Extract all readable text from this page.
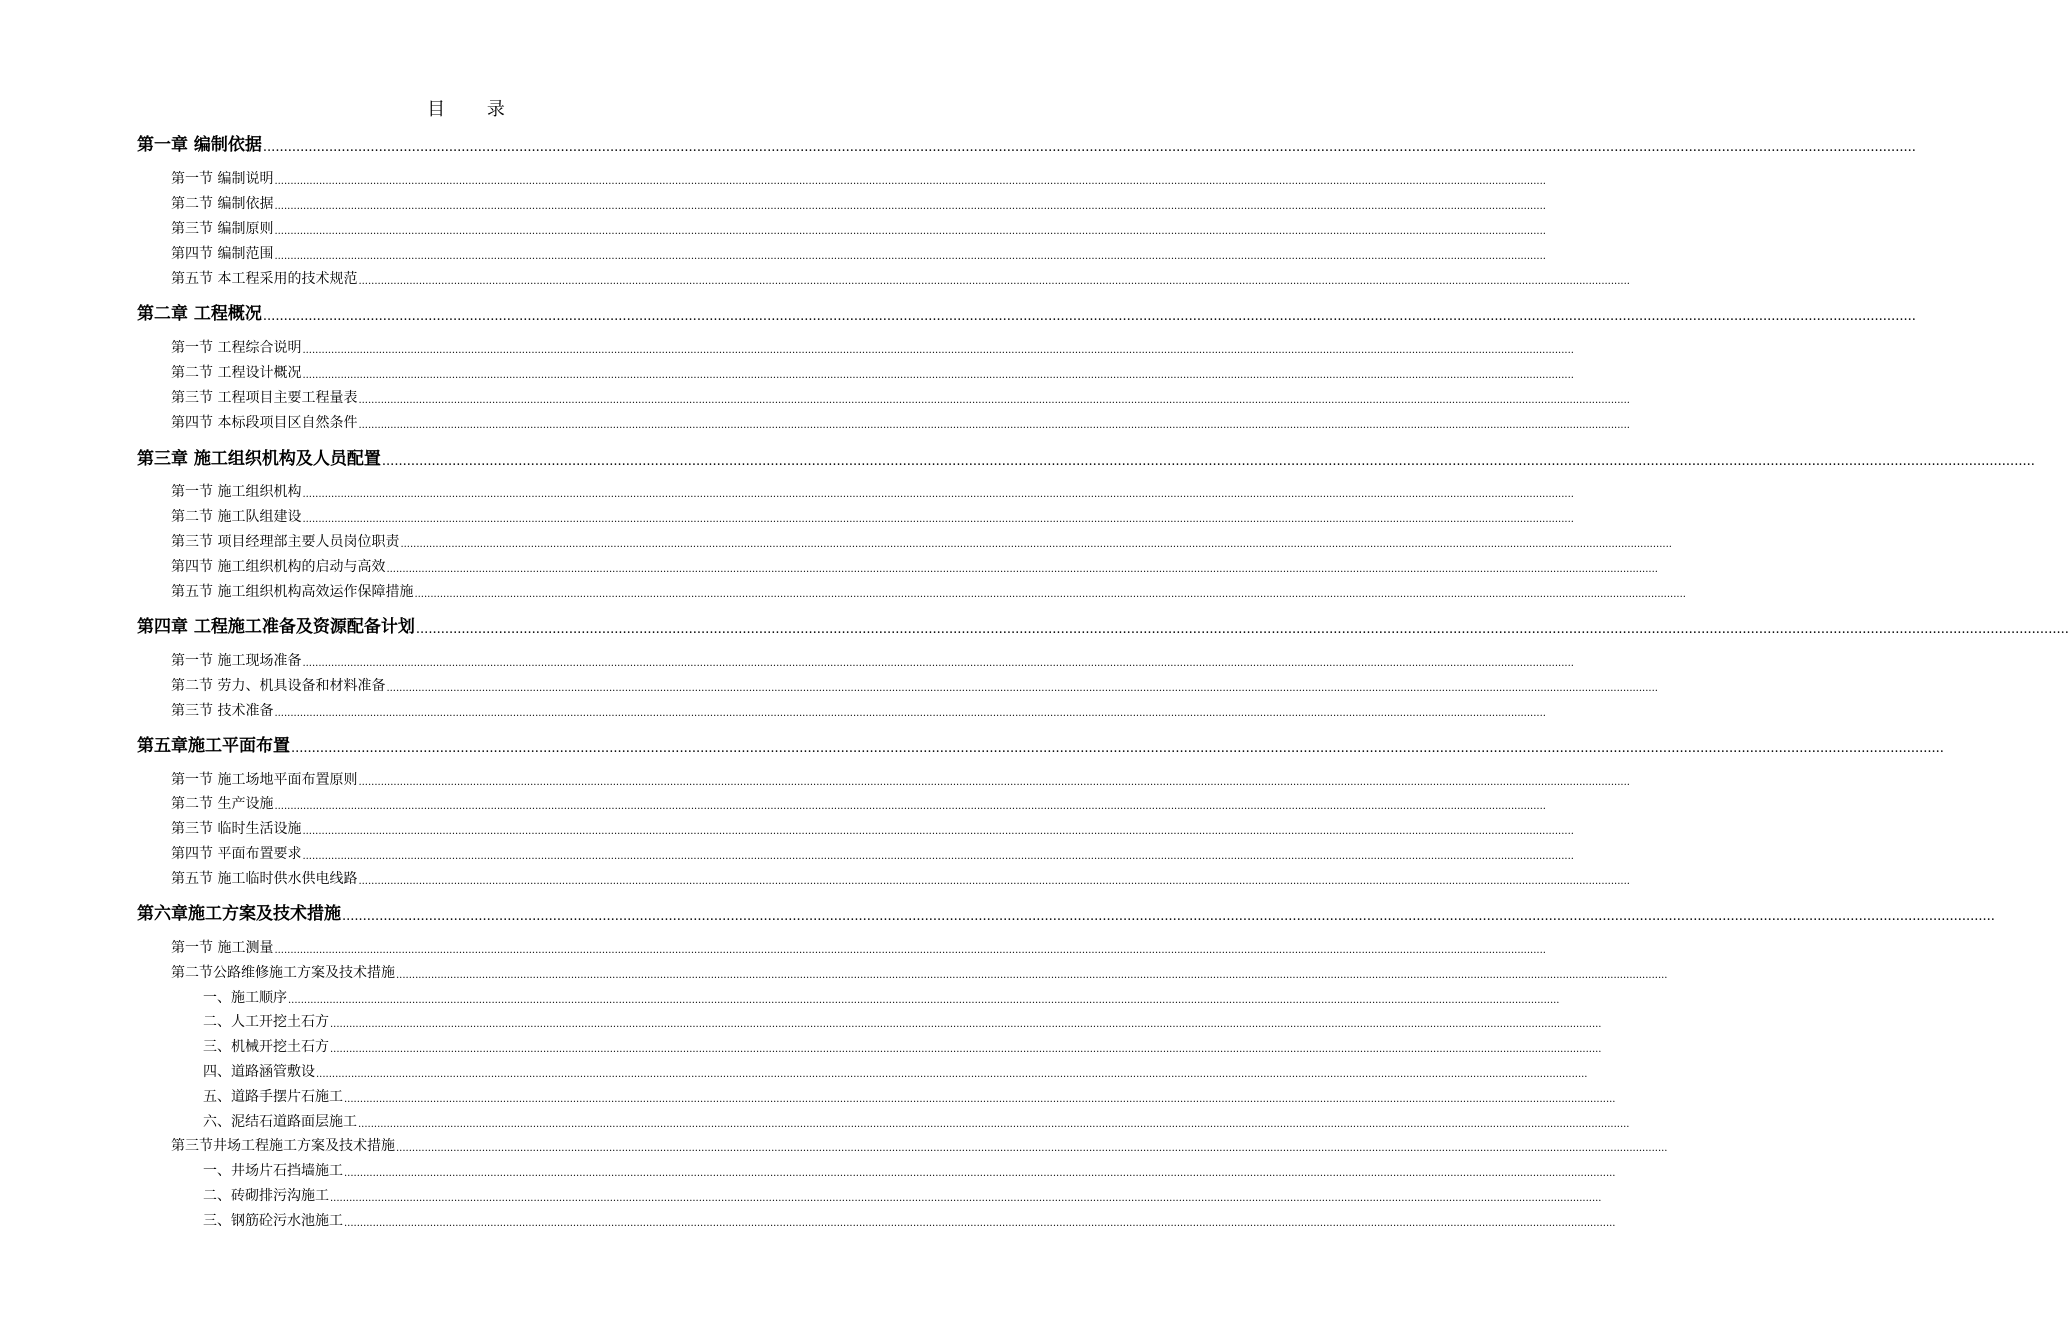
目 录
第一章 编制依据 ................................................................................................................................................................................................................................................................................................................................................................................................................
第一节 编制说明 ................................................................................................................................................................................................................................................................................................................................................................................................................
第二节 编制依据 ................................................................................................................................................................................................................................................................................................................................................................................................................
第三节 编制原则 ................................................................................................................................................................................................................................................................................................................................................................................................................
第四节 编制范围 ................................................................................................................................................................................................................................................................................................................................................................................................................
第五节 本工程采用的技术规范 ................................................................................................................................................................................................................................................................................................................................................................................................................
第二章 工程概况 ................................................................................................................................................................................................................................................................................................................................................................................................................
第一节 工程综合说明 ................................................................................................................................................................................................................................................................................................................................................................................................................
第二节 工程设计概况 ................................................................................................................................................................................................................................................................................................................................................................................................................
第三节 工程项目主要工程量表 ................................................................................................................................................................................................................................................................................................................................................................................................................
第四节 本标段项目区自然条件 ................................................................................................................................................................................................................................................................................................................................................................................................................
第三章 施工组织机构及人员配置 ................................................................................................................................................................................................................................................................................................................................................................................................................
第一节 施工组织机构 ................................................................................................................................................................................................................................................................................................................................................................................................................
第二节 施工队组建设 ................................................................................................................................................................................................................................................................................................................................................................................................................
第三节 项目经理部主要人员岗位职责 ................................................................................................................................................................................................................................................................................................................................................................................................................
第四节 施工组织机构的启动与高效 ................................................................................................................................................................................................................................................................................................................................................................................................................
第五节 施工组织机构高效运作保障措施 ................................................................................................................................................................................................................................................................................................................................................................................................................
第四章 工程施工准备及资源配备计划 ................................................................................................................................................................................................................................................................................................................................................................................................................
第一节 施工现场准备 ................................................................................................................................................................................................................................................................................................................................................................................................................
第二节 劳力、机具设备和材料准备 ................................................................................................................................................................................................................................................................................................................................................................................................................
第三节 技术准备 ................................................................................................................................................................................................................................................................................................................................................................................................................
第五章施工平面布置 ................................................................................................................................................................................................................................................................................................................................................................................................................
第一节 施工场地平面布置原则 ................................................................................................................................................................................................................................................................................................................................................................................................................
第二节 生产设施 ................................................................................................................................................................................................................................................................................................................................................................................................................
第三节 临时生活设施 ................................................................................................................................................................................................................................................................................................................................................................................................................
第四节 平面布置要求 ................................................................................................................................................................................................................................................................................................................................................................................................................
第五节 施工临时供水供电线路 ................................................................................................................................................................................................................................................................................................................................................................................................................
第六章施工方案及技术措施 ................................................................................................................................................................................................................................................................................................................................................................................................................
第一节 施工测量 ................................................................................................................................................................................................................................................................................................................................................................................................................
第二节公路维修施工方案及技术措施 ................................................................................................................................................................................................................................................................................................................................................................................................................
一、施工顺序 ................................................................................................................................................................................................................................................................................................................................................................................................................
二、人工开挖土石方 ................................................................................................................................................................................................................................................................................................................................................................................................................
三、机械开挖土石方 ................................................................................................................................................................................................................................................................................................................................................................................................................
四、道路涵管敷设 ................................................................................................................................................................................................................................................................................................................................................................................................................
五、道路手摆片石施工 ................................................................................................................................................................................................................................................................................................................................................................................................................
六、泥结石道路面层施工 ................................................................................................................................................................................................................................................................................................................................................................................................................
第三节井场工程施工方案及技术措施 ................................................................................................................................................................................................................................................................................................................................................................................................................
一、井场片石挡墙施工 ................................................................................................................................................................................................................................................................................................................................................................................................................
二、砖砌排污沟施工 ................................................................................................................................................................................................................................................................................................................................................................................................................
三、钢筋砼污水池施工 ................................................................................................................................................................................................................................................................................................................................................................................................................
